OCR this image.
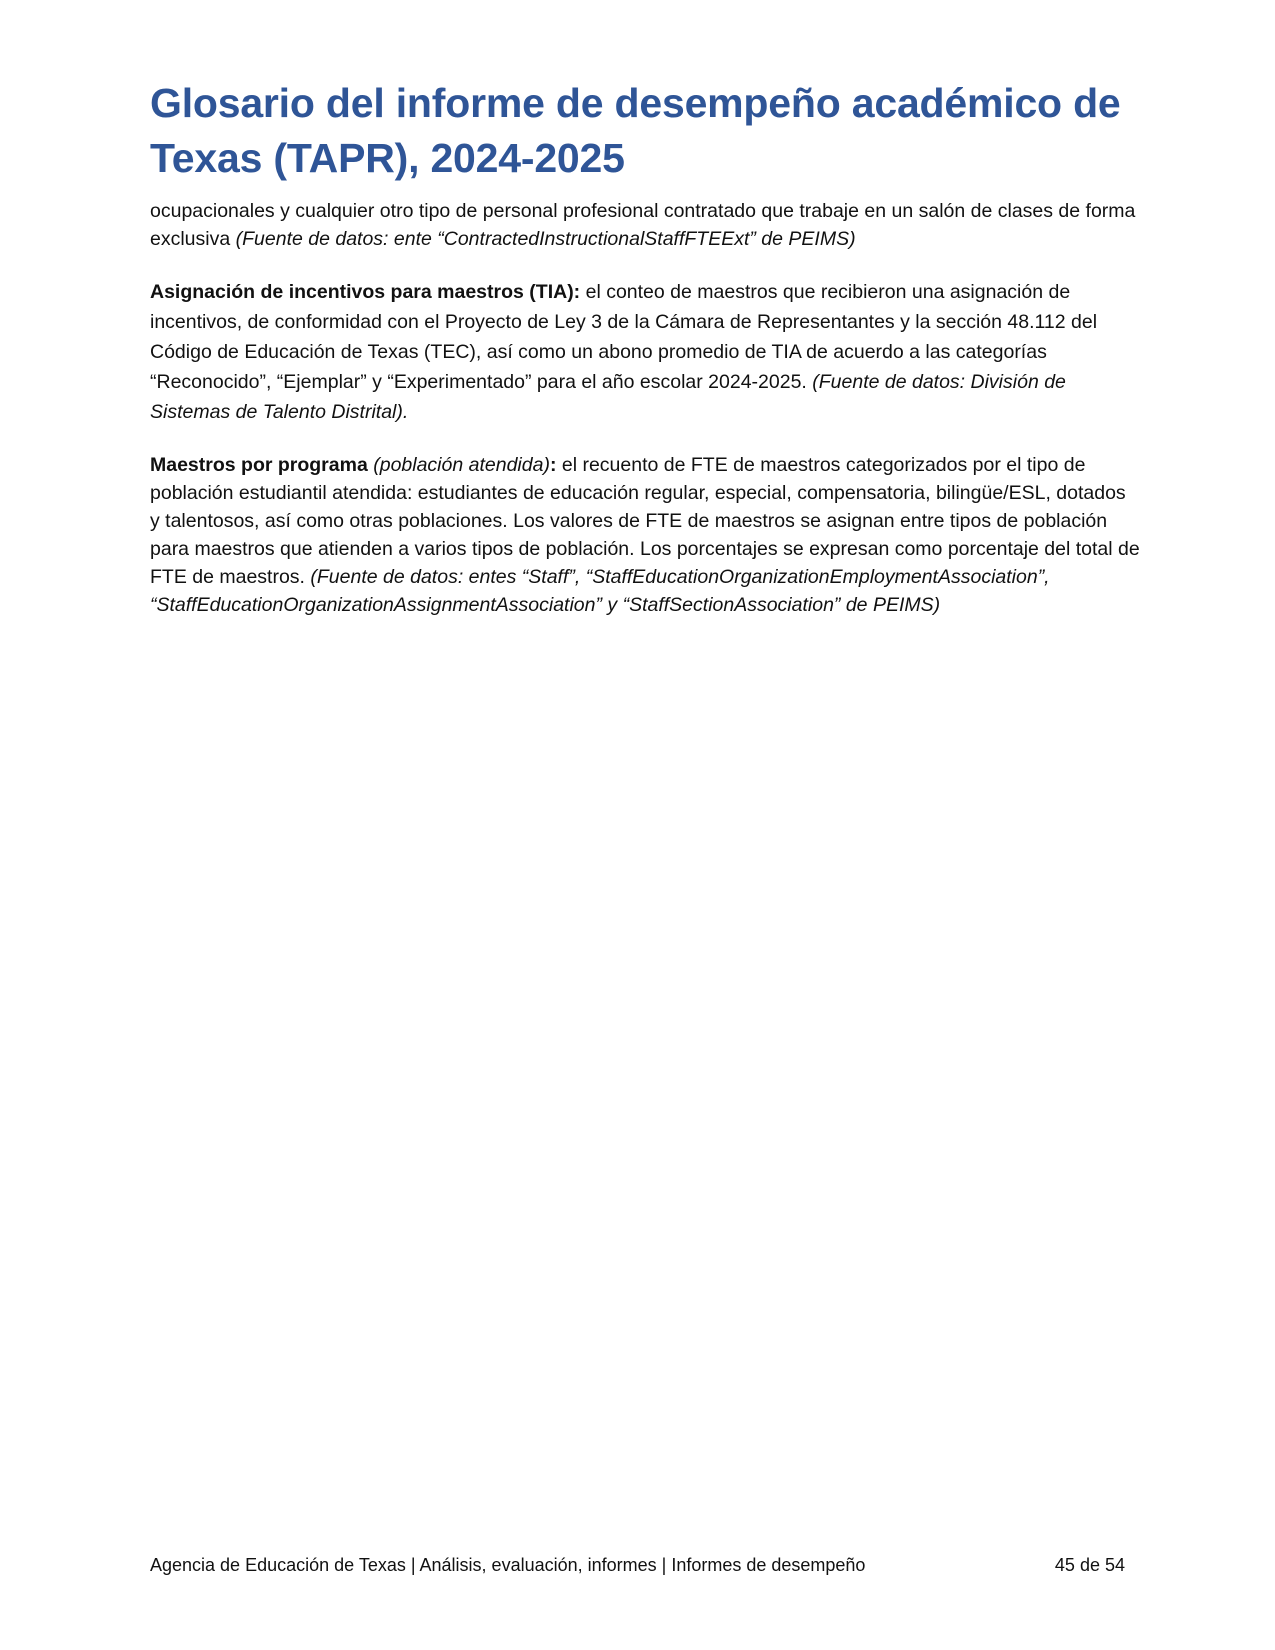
Glosario del informe de desempeño académico de Texas (TAPR), 2024-2025

ocupacionales y cualquier otro tipo de personal profesional contratado que trabaje en un salón de clases de forma exclusiva (Fuente de datos: ente “ContractedInstructionalStaffFTEExt” de PEIMS)

Asignación de incentivos para maestros (TIA): el conteo de maestros que recibieron una asignación de incentivos, de conformidad con el Proyecto de Ley 3 de la Cámara de Representantes y la sección 48.112 del Código de Educación de Texas (TEC), así como un abono promedio de TIA de acuerdo a las categorías “Reconocido”, “Ejemplar” y “Experimentado” para el año escolar 2024-2025. (Fuente de datos: División de Sistemas de Talento Distrital).

Maestros por programa (población atendida): el recuento de FTE de maestros categorizados por el tipo de población estudiantil atendida: estudiantes de educación regular, especial, compensatoria, bilingüe/ESL, dotados y talentosos, así como otras poblaciones. Los valores de FTE de maestros se asignan entre tipos de población para maestros que atienden a varios tipos de población. Los porcentajes se expresan como porcentaje del total de FTE de maestros. (Fuente de datos: entes “Staff”, “StaffEducationOrganizationEmploymentAssociation”, “StaffEducationOrganizationAssignmentAssociation” y “StaffSectionAssociation” de PEIMS)

Agencia de Educación de Texas | Análisis, evaluación, informes | Informes de desempeño	45 de 54
